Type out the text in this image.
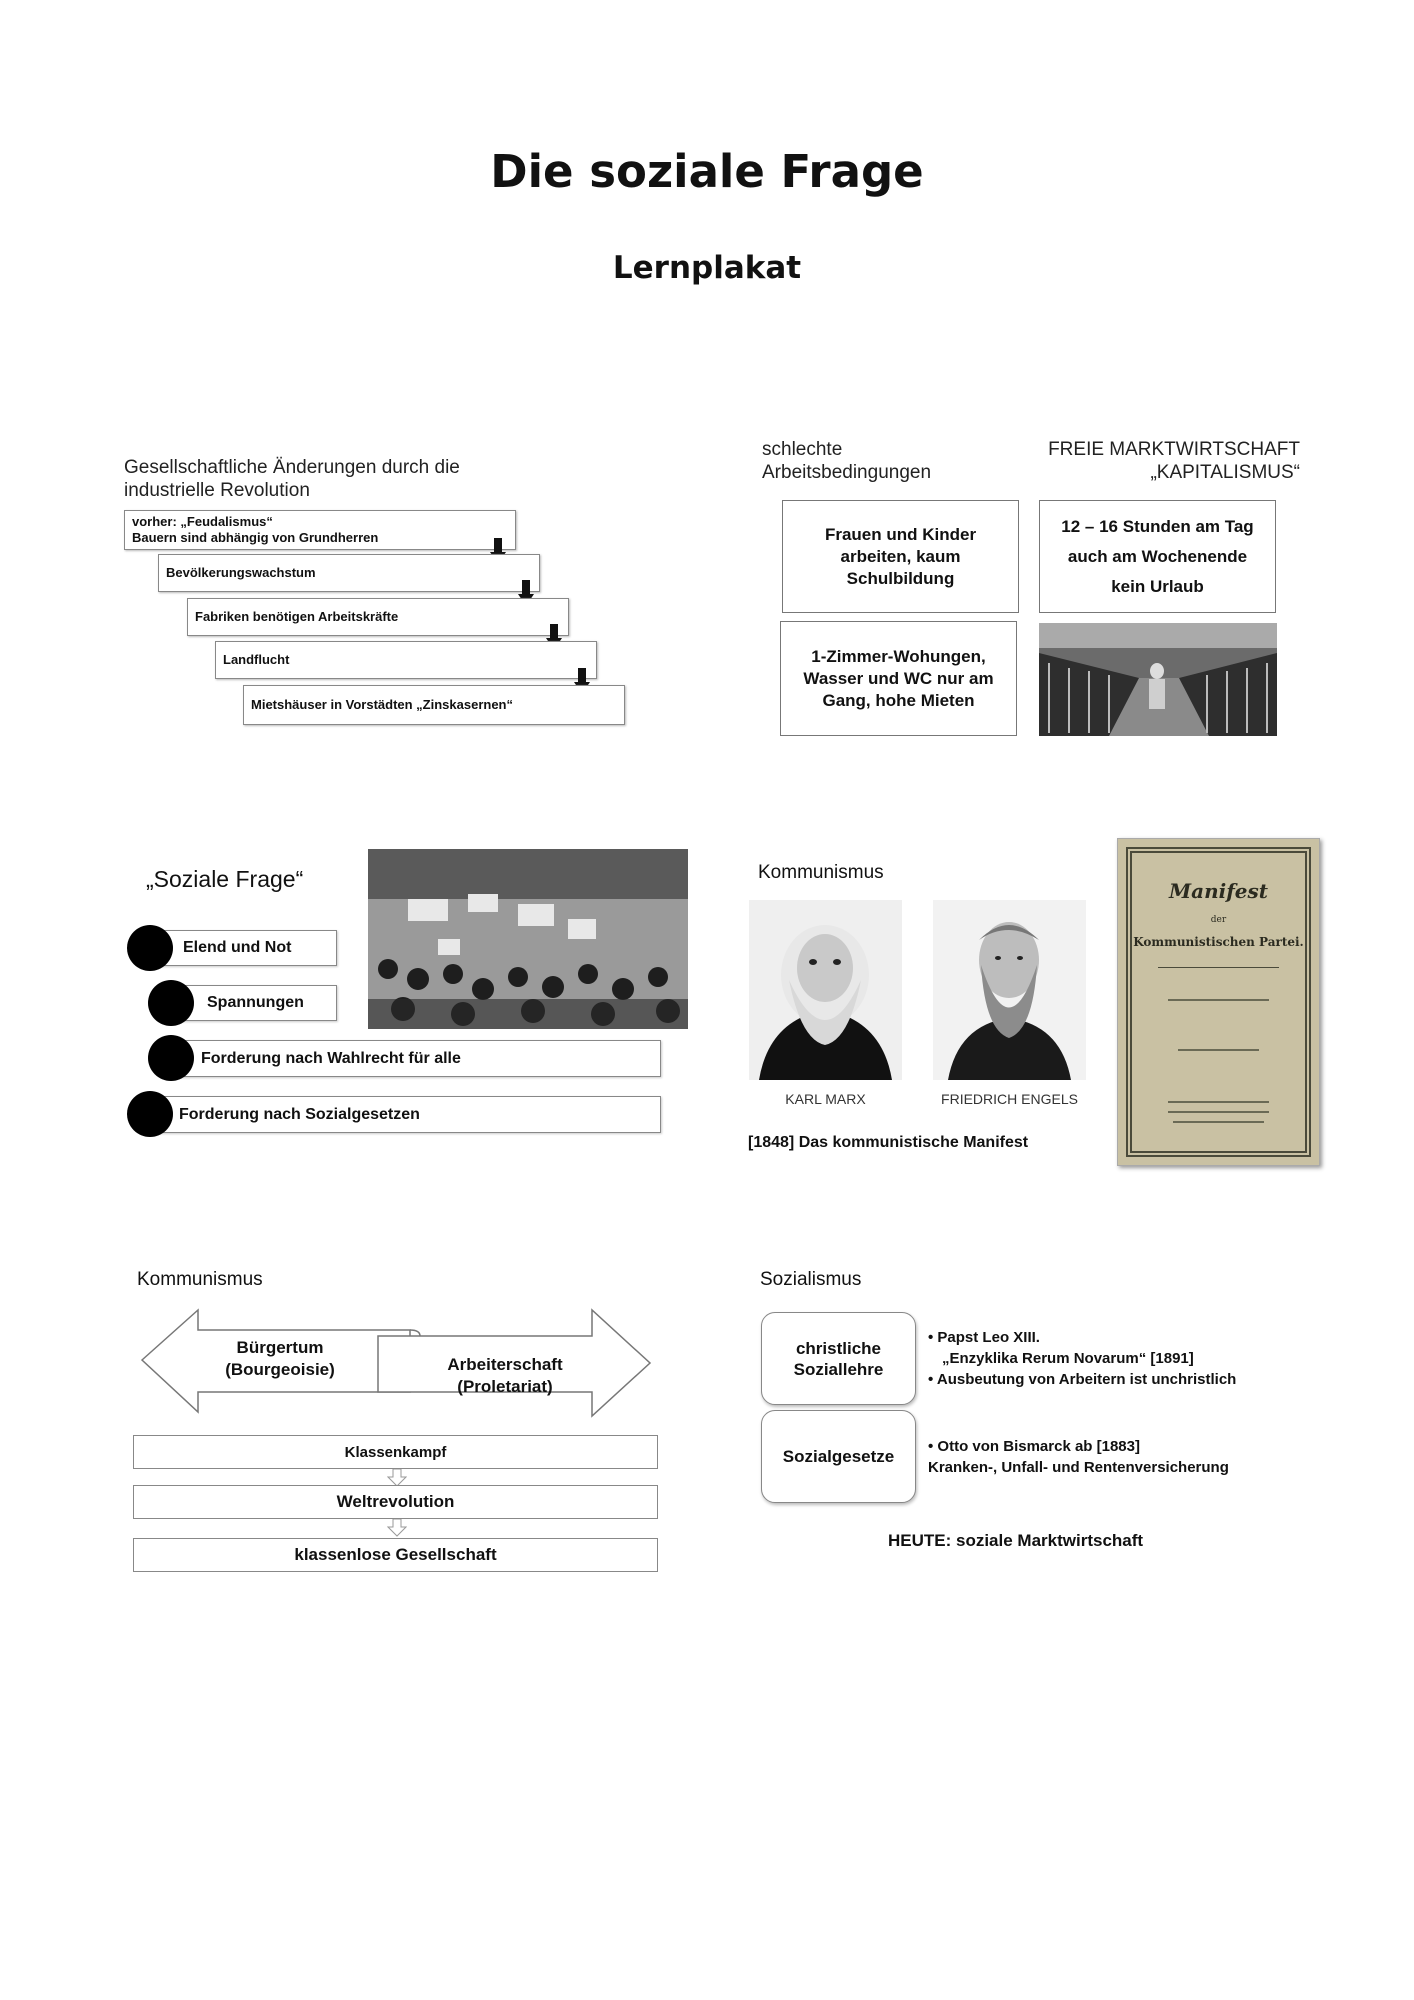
Die soziale Frage
Lernplakat
Gesellschaftliche Änderungen durch die industrielle Revolution
vorher: „Feudalismus“
Bauern sind abhängig von Grundherren
Bevölkerungswachstum
Fabriken benötigen Arbeitskräfte
Landflucht
Mietshäuser in Vorstädten „Zinskasernen“
schlechte Arbeitsbedingungen
FREIE MARKTWIRTSCHAFT
„KAPITALISMUS“
Frauen und Kinder arbeiten, kaum Schulbildung
1-Zimmer-Wohungen, Wasser und WC nur am Gang, hohe Mieten
12 – 16 Stunden am Tag
auch am Wochenende
kein Urlaub
„Soziale Frage“
Elend und Not
Spannungen
Forderung nach Wahlrecht für alle
Forderung nach Sozialgesetzen
Kommunismus
KARL MARX	FRIEDRICH ENGELS
[1848] Das kommunistische Manifest
Manifest
der
Kommunistischen Partei.
Kommunismus
Bürgertum
(Bourgeoisie)	Arbeiterschaft
(Proletariat)
Klassenkampf
Weltrevolution
klassenlose Gesellschaft
Sozialismus
christliche Soziallehre
• Papst Leo XIII.
„Enzyklika Rerum Novarum“ [1891]
• Ausbeutung von Arbeitern ist unchristlich
Sozialgesetze
• Otto von Bismarck ab [1883]
Kranken-, Unfall- und Rentenversicherung
HEUTE: soziale Marktwirtschaft
